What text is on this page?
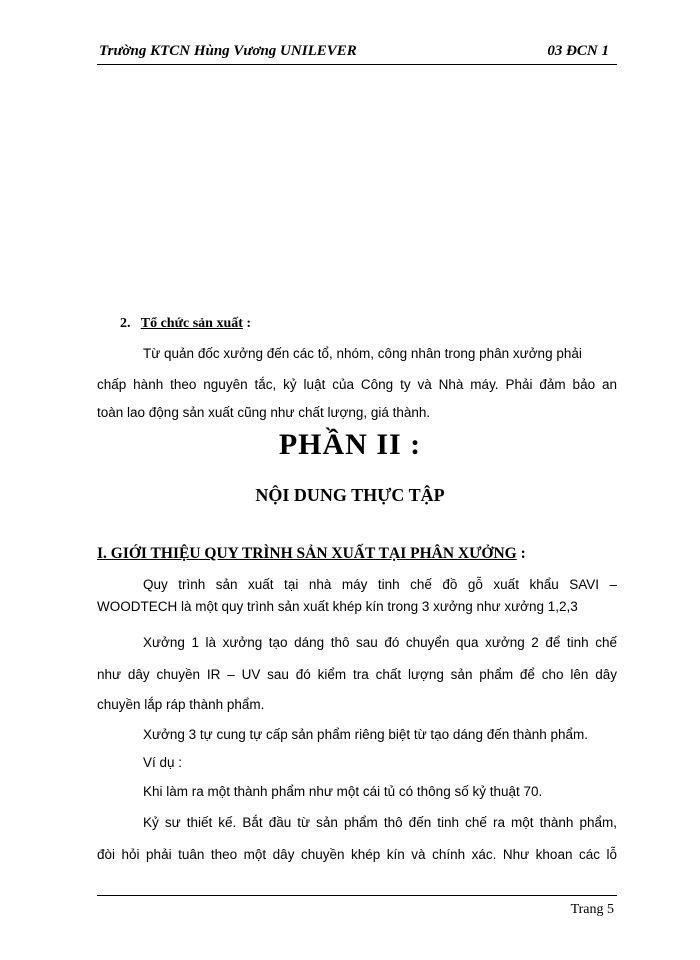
Trường KTCN Hùng Vương UNILEVER	03 ĐCN 1
2. Tổ chức sản xuất :
Từ quản đốc xưởng đến các tổ, nhóm, công nhân trong phân xưởng phải
chấp hành theo nguyên tắc, kỷ luật của Công ty và Nhà máy. Phải đảm bảo an
toàn lao động sản xuất cũng như chất lượng, giá thành.
PHẦN II :
NỘI DUNG THỰC TẬP
I. GIỚI THIỆU QUY TRÌNH SẢN XUẤT TẠI PHÂN XƯỞNG :
Quy trình sản xuất tại nhà máy tinh chế đồ gỗ xuất khẩu SAVI –
WOODTECH là một quy trình sản xuất khép kín trong 3 xưởng như xưởng 1,2,3
Xưởng 1 là xưởng tạo dáng thô sau đó chuyển qua xưởng 2 để tinh chế
như dây chuyền IR – UV sau đó kiểm tra chất lượng sản phẩm để cho lên dây
chuyền lắp ráp thành phẩm.
Xưởng 3 tự cung tự cấp sản phẩm riêng biệt từ tạo dáng đến thành phẩm.
Ví dụ :
Khi làm ra một thành phẩm như một cái tủ có thông số kỷ thuật 70.
Kỷ sư thiết kế. Bắt đầu từ sản phẩm thô đến tinh chế ra một thành phẩm,
đòi hỏi phải tuân theo một dây chuyền khép kín và chính xác. Như khoan các lỗ
Trang 5
